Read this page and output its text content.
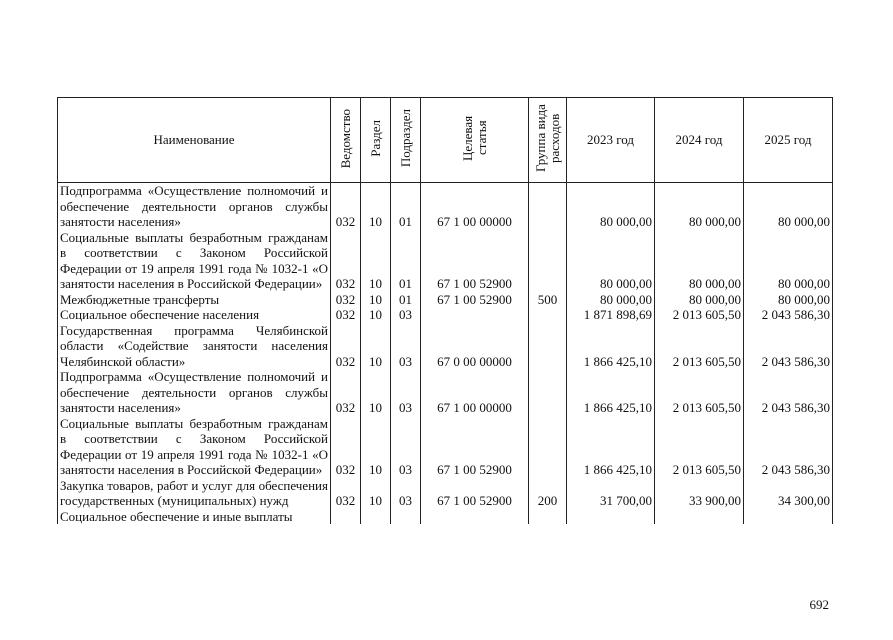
Наименование	Ведомство	Раздел	Подраздел	Целевая статья	Группа вида расходов	2023 год	2024 год	2025 год
Подпрограмма «Осуществление полномочий и обеспечение деятельности органов службы занятости населения»	032	10	01	67 1 00 00000		80 000,00	80 000,00	80 000,00
Социальные выплаты безработным гражданам в соответствии с Законом Российской Федерации от 19 апреля 1991 года № 1032-1 «О занятости населения в Российской Федерации»	032	10	01	67 1 00 52900		80 000,00	80 000,00	80 000,00
Межбюджетные трансферты	032	10	01	67 1 00 52900	500	80 000,00	80 000,00	80 000,00
Социальное обеспечение населения	032	10	03			1 871 898,69	2 013 605,50	2 043 586,30
Государственная программа Челябинской области «Содействие занятости населения Челябинской области»	032	10	03	67 0 00 00000		1 866 425,10	2 013 605,50	2 043 586,30
Подпрограмма «Осуществление полномочий и обеспечение деятельности органов службы занятости населения»	032	10	03	67 1 00 00000		1 866 425,10	2 013 605,50	2 043 586,30
Социальные выплаты безработным гражданам в соответствии с Законом Российской Федерации от 19 апреля 1991 года № 1032-1 «О занятости населения в Российской Федерации»	032	10	03	67 1 00 52900		1 866 425,10	2 013 605,50	2 043 586,30
Закупка товаров, работ и услуг для обеспечения государственных (муниципальных) нужд	032	10	03	67 1 00 52900	200	31 700,00	33 900,00	34 300,00
Социальное обеспечение и иные выплаты								
692
